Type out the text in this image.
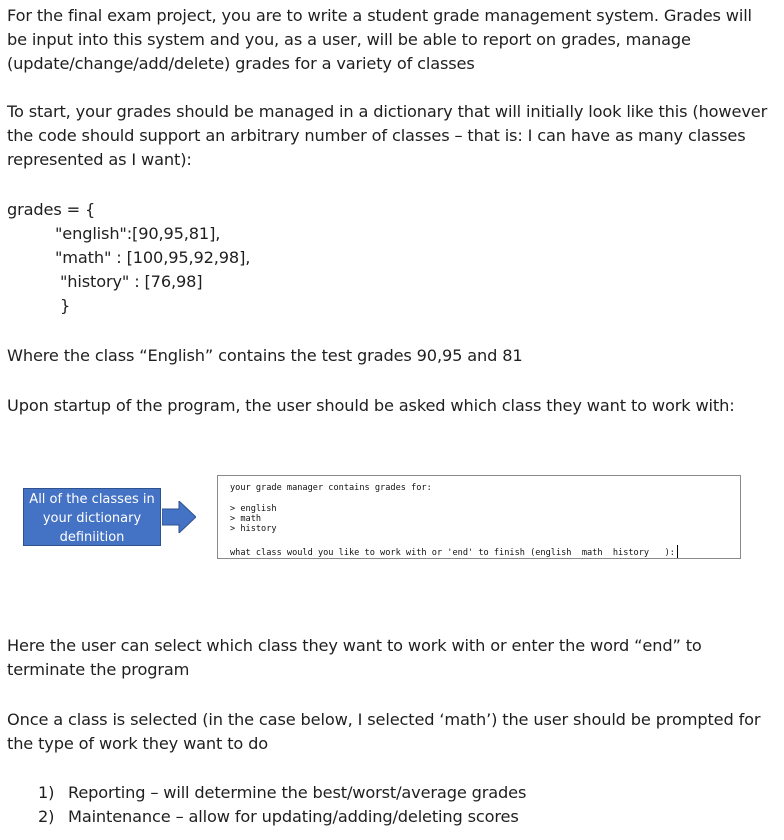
For the final exam project, you are to write a student grade management system. Grades will

be input into this system and you, as a user, will be able to report on grades, manage

(update/change/add/delete) grades for a variety of classes

To start, your grades should be managed in a dictionary that will initially look like this (however

the code should support an arbitrary number of classes – that is: I can have as many classes

represented as I want):

grades = {

"english":[90,95,81],

"math" : [100,95,92,98],

"history" : [76,98]

}

Where the class “English” contains the test grades 90,95 and 81

Upon startup of the program, the user should be asked which class they want to work with:

All of the classes in
your dictionary
definiition
your grade manager contains grades for:
> english
> math
> history
what class would you like to work with or 'end' to finish (english  math  history   ):

Here the user can select which class they want to work with or enter the word “end” to

terminate the program

Once a class is selected (in the case below, I selected ‘math’) the user should be prompted for

the type of work they want to do

1) Reporting – will determine the best/worst/average grades

2) Maintenance – allow for updating/adding/deleting scores
